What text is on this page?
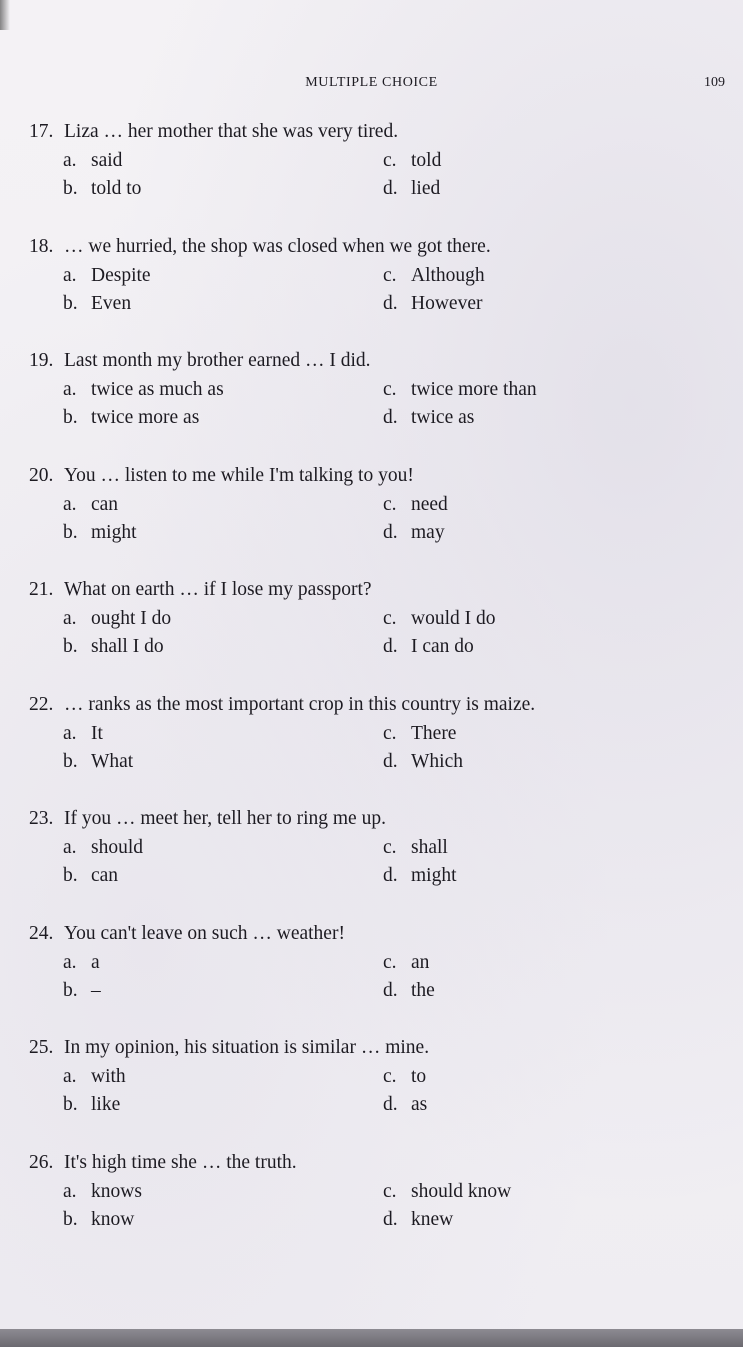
MULTIPLE CHOICE	109
17. Liza … her mother that she was very tired.
a. said
b. told to
c. told
d. lied
18. … we hurried, the shop was closed when we got there.
a. Despite
b. Even
c. Although
d. However
19. Last month my brother earned … I did.
a. twice as much as
b. twice more as
c. twice more than
d. twice as
20. You … listen to me while I'm talking to you!
a. can
b. might
c. need
d. may
21. What on earth … if I lose my passport?
a. ought I do
b. shall I do
c. would I do
d. I can do
22. … ranks as the most important crop in this country is maize.
a. It
b. What
c. There
d. Which
23. If you … meet her, tell her to ring me up.
a. should
b. can
c. shall
d. might
24. You can't leave on such … weather!
a. a
b. –
c. an
d. the
25. In my opinion, his situation is similar … mine.
a. with
b. like
c. to
d. as
26. It's high time she … the truth.
a. knows
b. know
c. should know
d. knew
